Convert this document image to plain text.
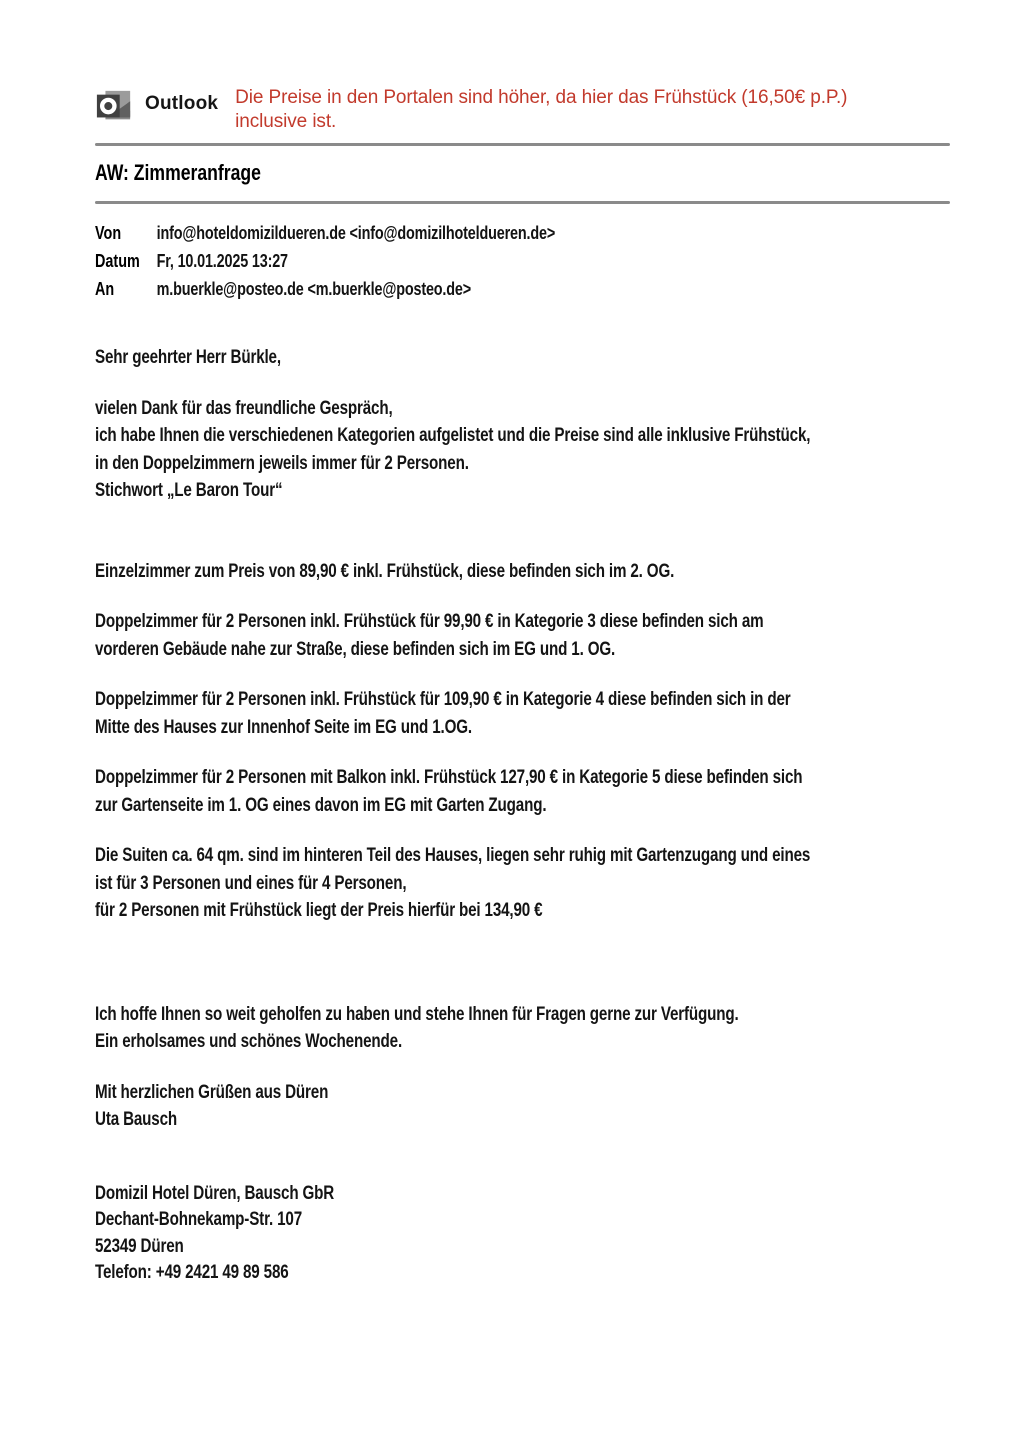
Outlook Die Preise in den Portalen sind höher, da hier das Frühstück (16,50€ p.P.)
inclusive ist.
AW: Zimmeranfrage
Von info@hoteldomizildueren.de <info@domizilhoteldueren.de>
Datum Fr, 10.01.2025 13:27
An m.buerkle@posteo.de <m.buerkle@posteo.de>

Sehr geehrter Herr Bürkle,

vielen Dank für das freundliche Gespräch,
ich habe Ihnen die verschiedenen Kategorien aufgelistet und die Preise sind alle inklusive Frühstück,
in den Doppelzimmern jeweils immer für 2 Personen.
Stichwort „Le Baron Tour“

Einzelzimmer zum Preis von 89,90 € inkl. Frühstück, diese befinden sich im 2. OG.

Doppelzimmer für 2 Personen inkl. Frühstück für 99,90 € in Kategorie 3 diese befinden sich am
vorderen Gebäude nahe zur Straße, diese befinden sich im EG und 1. OG.

Doppelzimmer für 2 Personen inkl. Frühstück für 109,90 € in Kategorie 4 diese befinden sich in der
Mitte des Hauses zur Innenhof Seite im EG und 1.OG.

Doppelzimmer für 2 Personen mit Balkon inkl. Frühstück 127,90 € in Kategorie 5 diese befinden sich
zur Gartenseite im 1. OG eines davon im EG mit Garten Zugang.

Die Suiten ca. 64 qm. sind im hinteren Teil des Hauses, liegen sehr ruhig mit Gartenzugang und eines
ist für 3 Personen und eines für 4 Personen,
für 2 Personen mit Frühstück liegt der Preis hierfür bei 134,90 €

Ich hoffe Ihnen so weit geholfen zu haben und stehe Ihnen für Fragen gerne zur Verfügung.
Ein erholsames und schönes Wochenende.

Mit herzlichen Grüßen aus Düren
Uta Bausch

Domizil Hotel Düren, Bausch GbR
Dechant-Bohnekamp-Str. 107
52349 Düren
Telefon: +49 2421 49 89 586
